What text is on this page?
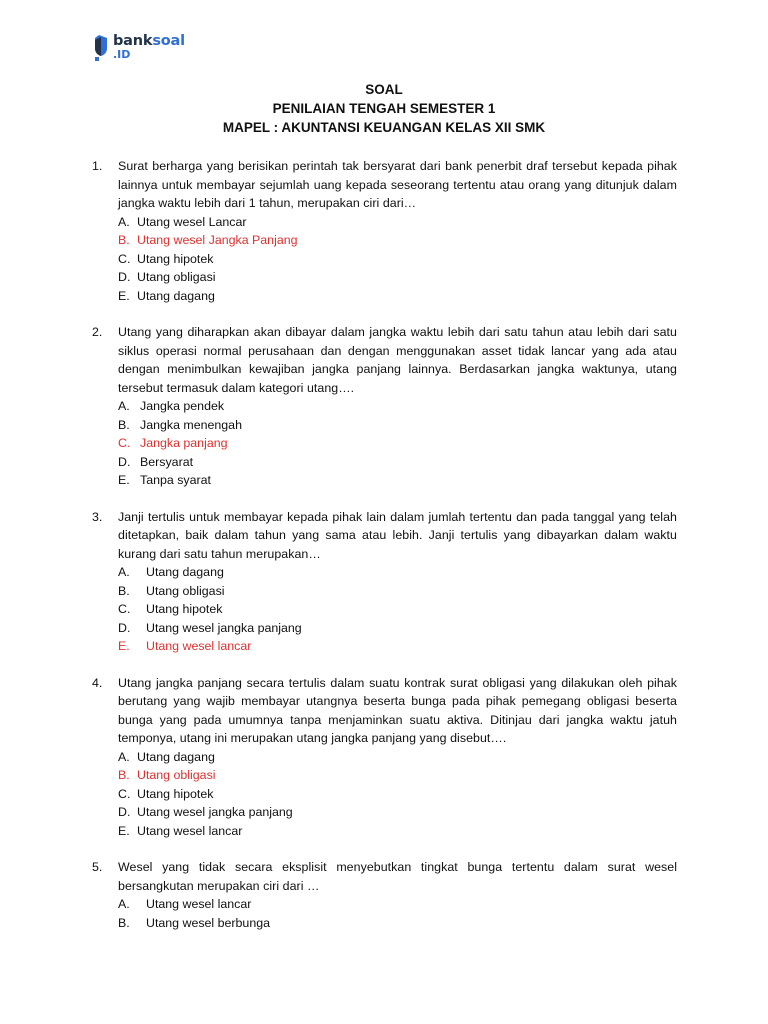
banksoal
.ID
SOAL
PENILAIAN TENGAH SEMESTER 1
MAPEL : AKUNTANSI KEUANGAN KELAS XII SMK
1. Surat berharga yang berisikan perintah tak bersyarat dari bank penerbit draf tersebut kepada pihak lainnya untuk membayar sejumlah uang kepada seseorang tertentu atau orang yang ditunjuk dalam jangka waktu lebih dari 1 tahun, merupakan ciri dari…
A. Utang wesel Lancar
B. Utang wesel Jangka Panjang
C. Utang hipotek
D. Utang obligasi
E. Utang dagang
2. Utang yang diharapkan akan dibayar dalam jangka waktu lebih dari satu tahun atau lebih dari satu siklus operasi normal perusahaan dan dengan menggunakan asset tidak lancar yang ada atau dengan menimbulkan kewajiban jangka panjang lainnya. Berdasarkan jangka waktunya, utang tersebut termasuk dalam kategori utang….
A. Jangka pendek
B. Jangka menengah
C. Jangka panjang
D. Bersyarat
E. Tanpa syarat
3. Janji tertulis untuk membayar kepada pihak lain dalam jumlah tertentu dan pada tanggal yang telah ditetapkan, baik dalam tahun yang sama atau lebih. Janji tertulis yang dibayarkan dalam waktu kurang dari satu tahun merupakan…
A.	Utang dagang
B.	Utang obligasi
C.	Utang hipotek
D.	Utang wesel jangka panjang
E.	Utang wesel lancar
4. Utang jangka panjang secara tertulis dalam suatu kontrak surat obligasi yang dilakukan oleh pihak berutang yang wajib membayar utangnya beserta bunga pada pihak pemegang obligasi beserta bunga yang pada umumnya tanpa menjaminkan suatu aktiva. Ditinjau dari jangka waktu jatuh temponya, utang ini merupakan utang jangka panjang yang disebut….
A. Utang dagang
B. Utang obligasi
C. Utang hipotek
D. Utang wesel jangka panjang
E. Utang wesel lancar
5. Wesel yang tidak secara eksplisit menyebutkan tingkat bunga tertentu dalam surat wesel bersangkutan merupakan ciri dari …
A.	Utang wesel lancar
B.	Utang wesel berbunga
